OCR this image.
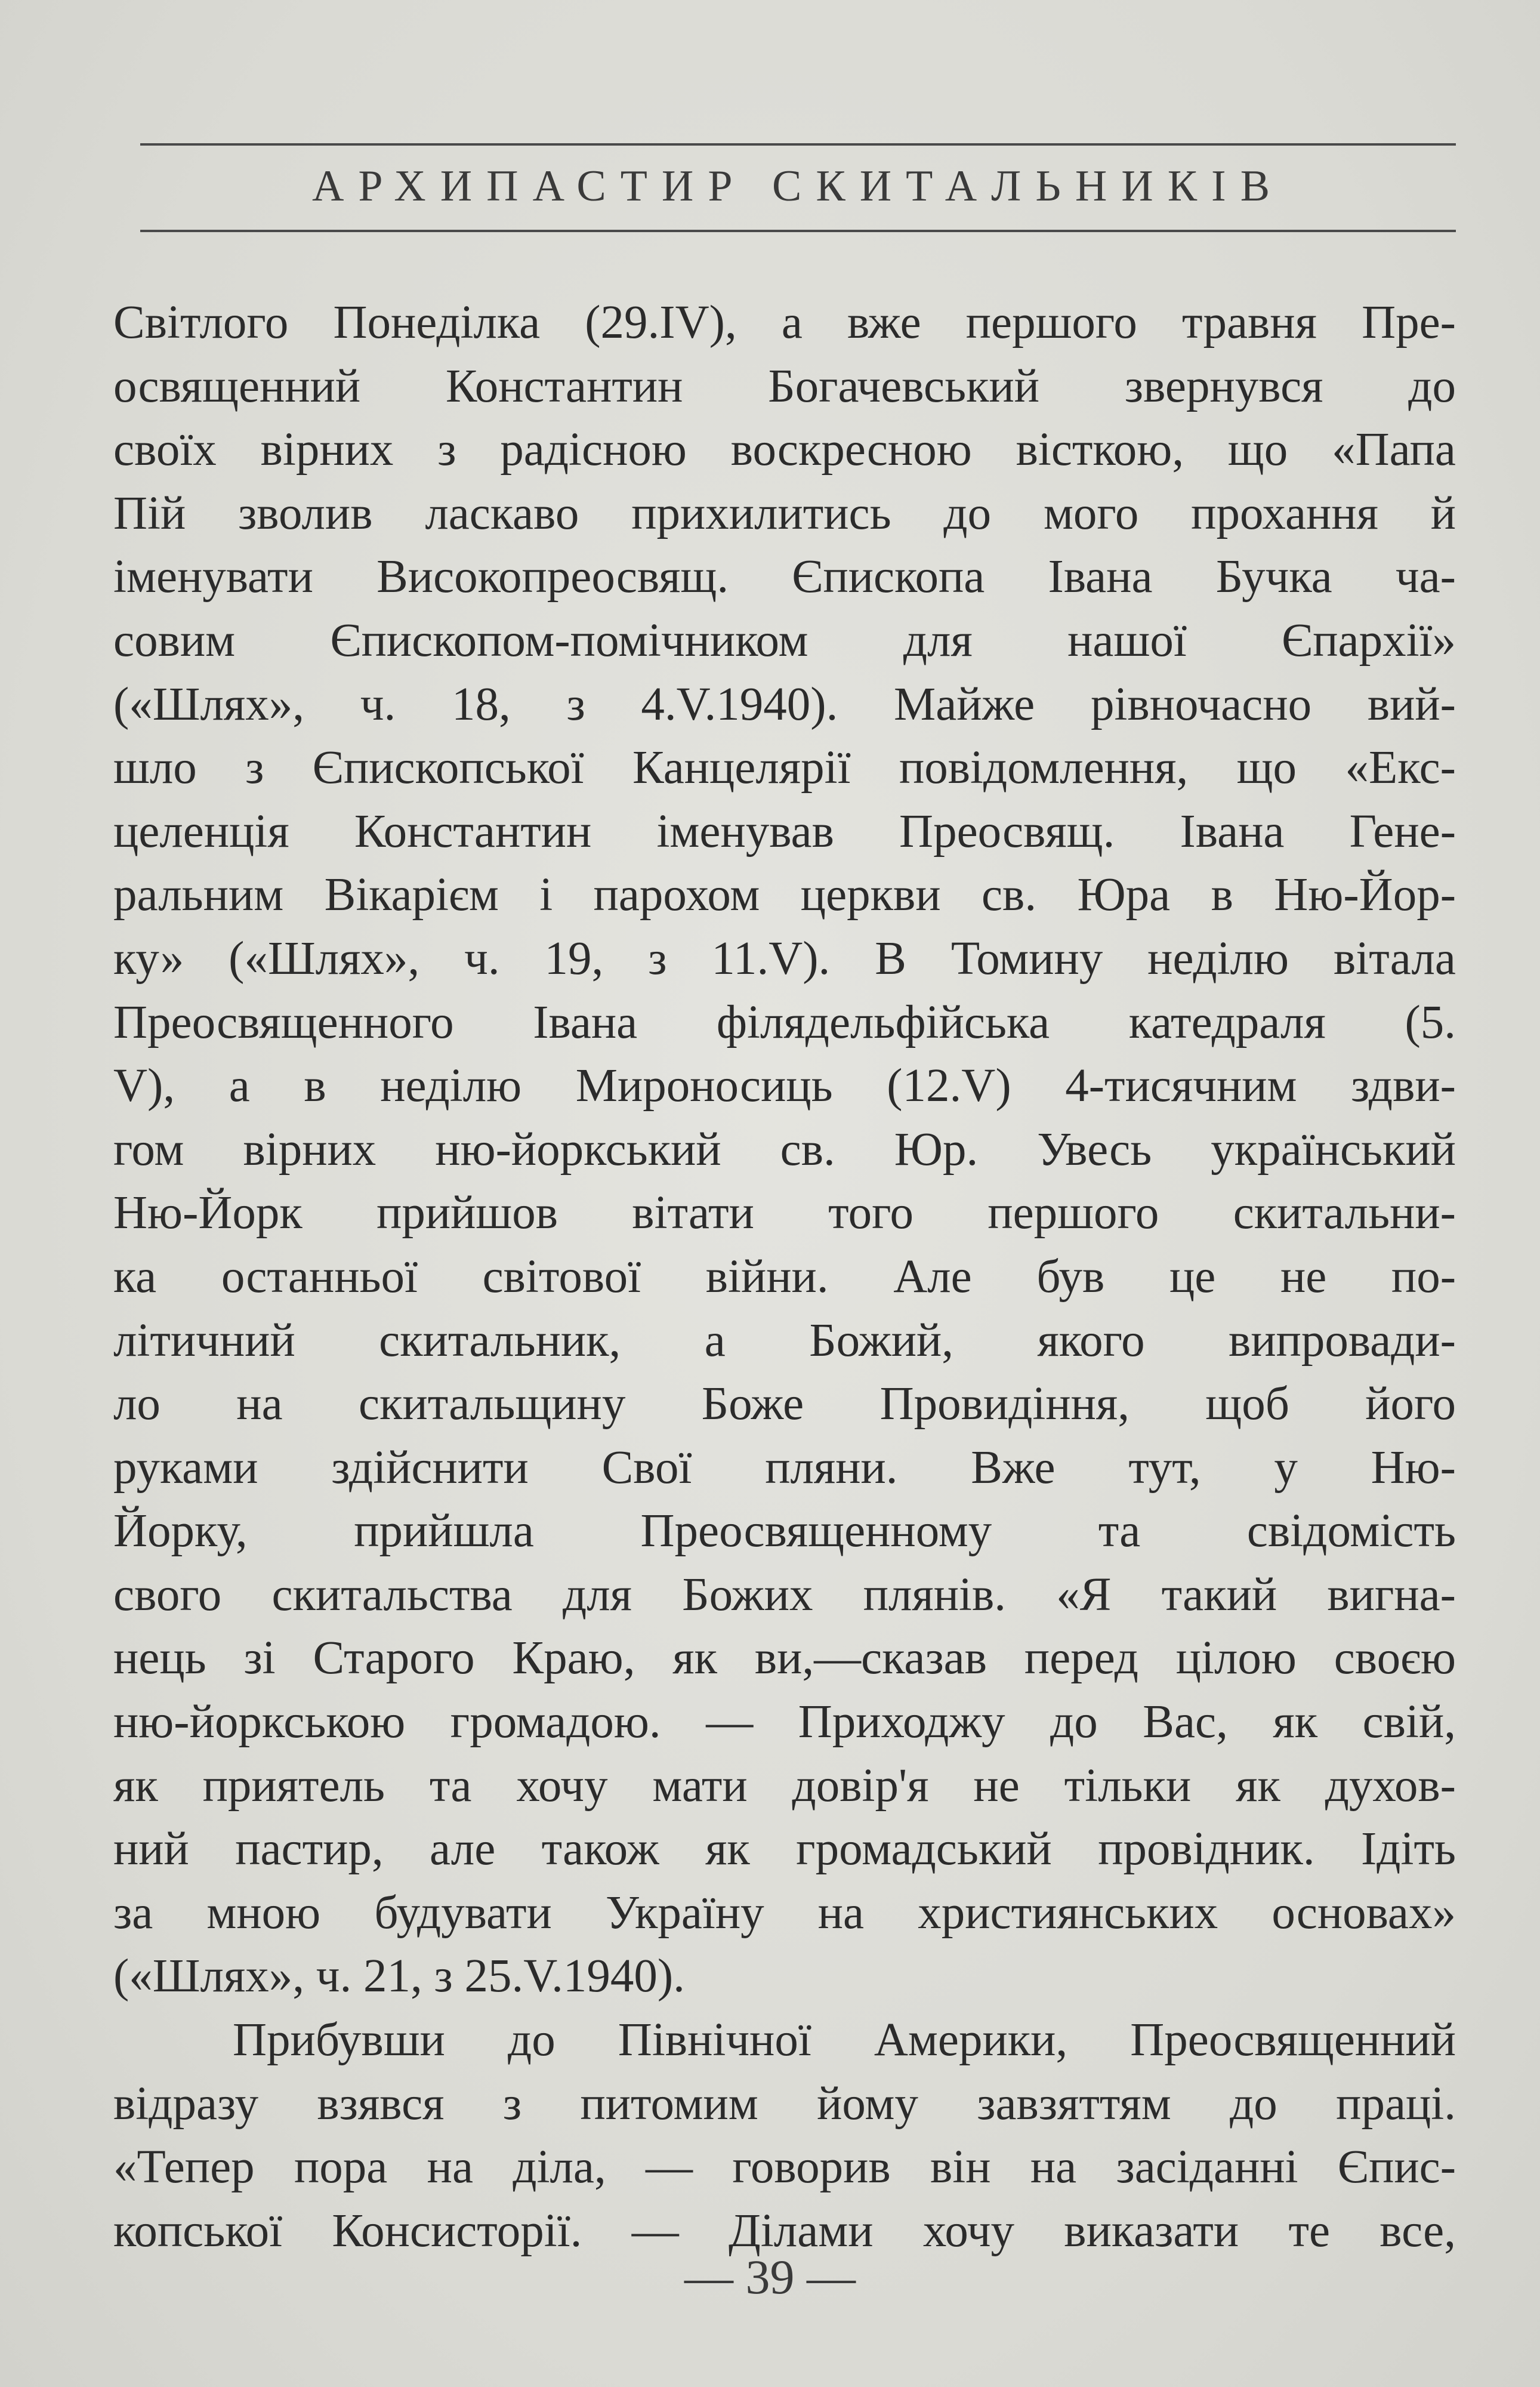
АРХИПАСТИР СКИТАЛЬНИКІВ
Світлого Понеділка (29.IV), а вже першого травня Пре-
освященний Константин Богачевський звернувся до
своїх вірних з радісною воскресною вісткою, що «Папа
Пій зволив ласкаво прихилитись до мого прохання й
іменувати Високопреосвящ. Єпископа Івана Бучка ча-
совим Єпископом-помічником для нашої Єпархії»
(«Шлях», ч. 18, з 4.V.1940). Майже рівночасно вий-
шло з Єпископської Канцелярії повідомлення, що «Екс-
целенція Константин іменував Преосвящ. Івана Гене-
ральним Вікарієм і парохом церкви св. Юра в Ню-Йор-
ку» («Шлях», ч. 19, з 11.V). В Томину неділю вітала
Преосвященного Івана філядельфійська катедраля (5.
V), а в неділю Мироносиць (12.V) 4-тисячним здви-
гом вірних ню-йоркський св. Юр. Увесь український
Ню-Йорк прийшов вітати того першого скитальни-
ка останньої світової війни. Але був це не по-
літичний скитальник, а Божий, якого випровади-
ло на скитальщину Боже Провидіння, щоб його
руками здійснити Свої пляни. Вже тут, у Ню-
Йорку, прийшла Преосвященному та свідомість
свого скитальства для Божих плянів. «Я такий вигна-
нець зі Старого Краю, як ви,—сказав перед цілою своєю
ню-йоркською громадою. — Приходжу до Вас, як свій,
як приятель та хочу мати довір'я не тільки як духов-
ний пастир, але також як громадський провідник. Ідіть
за мною будувати Україну на християнських основах»
(«Шлях», ч. 21, з 25.V.1940).
Прибувши до Північної Америки, Преосвященний
відразу взявся з питомим йому завзяттям до праці.
«Тепер пора на діла, — говорив він на засіданні Єпис-
копської Консисторії. — Ділами хочу виказати те все,
— 39 —
